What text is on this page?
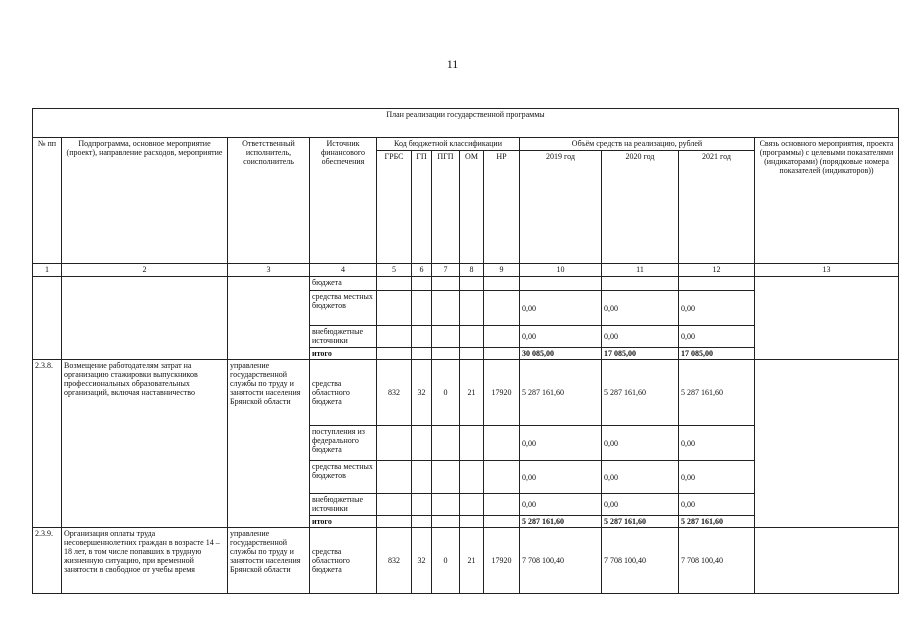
11
План реализации государственной программы												
№ пп	Подпрограмма, основное мероприятие (проект), направление расходов, мероприятие	Ответственный исполнитель, соисполнитель	Источник финансового обеспечения	Код бюджетной классификации					Объём средств на реализацию, рублей			Связь основного мероприятия, проекта (программы) с целевыми показателями (индикаторами) (порядковые номера показателей (индикаторов))
				ГРБС	ГП	ПГП	ОМ	НР	2019 год	2020 год	2021 год	
1	2	3	4	5	6	7	8	9	10	11	12	13
			бюджета									
			средства местных бюджетов						0,00	0,00	0,00	
			внебюджетные источники						0,00	0,00	0,00	
			итого						30 085,00	17 085,00	17 085,00	
2.3.8.	Возмещение работодателям затрат на организацию стажировки выпускников профессиональных образовательных организаций, включая наставничество	управление государственной службы по труду и занятости населения Брянской области	средства областного бюджета	832	32	0	21	17920	5 287 161,60	5 287 161,60	5 287 161,60	
			поступления из федерального бюджета						0,00	0,00	0,00	
			средства местных бюджетов						0,00	0,00	0,00	
			внебюджетные источники						0,00	0,00	0,00	
			итого						5 287 161,60	5 287 161,60	5 287 161,60	
2.3.9.	Организация оплаты труда несовершеннолетних граждан в возрасте 14 – 18 лет, в том числе попавших в трудную жизненную ситуацию, при временной занятости в свободное от учебы время	управление государственной службы по труду и занятости населения Брянской области	средства областного бюджета	832	32	0	21	17920	7 708 100,40	7 708 100,40	7 708 100,40	
